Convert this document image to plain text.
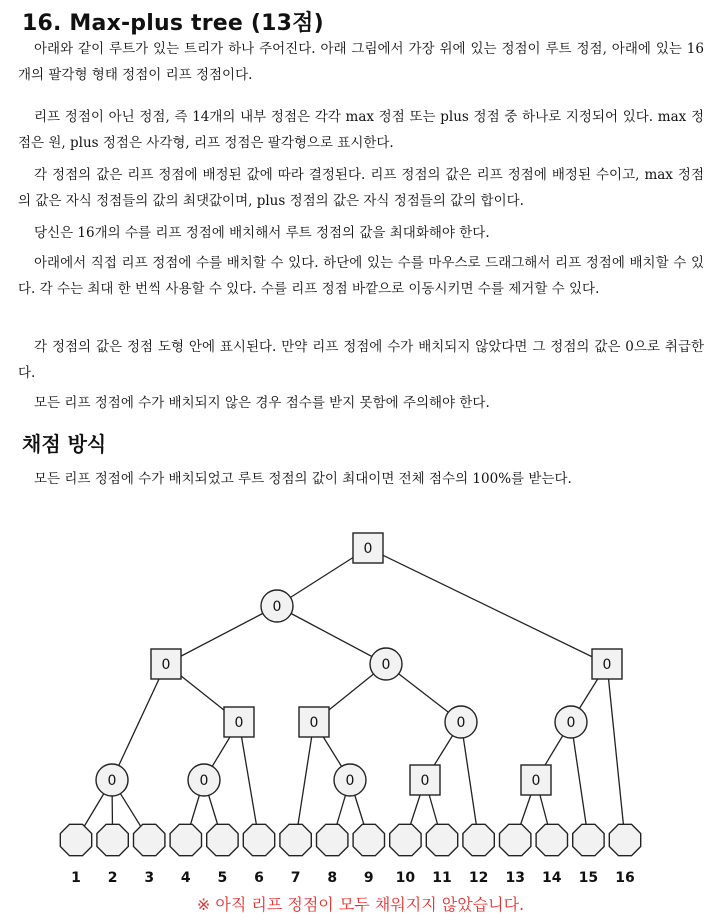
16. Max-plus tree (13점)

아래와 같이 루트가 있는 트리가 하나 주어진다. 아래 그림에서 가장 위에 있는 정점이 루트 정점, 아래에 있는 16개의 팔각형 형태 정점이 리프 정점이다.

리프 정점이 아닌 정점, 즉 14개의 내부 정점은 각각 max 정점 또는 plus 정점 중 하나로 지정되어 있다. max 정점은 원, plus 정점은 사각형, 리프 정점은 팔각형으로 표시한다.

각 정점의 값은 리프 정점에 배정된 값에 따라 결정된다. 리프 정점의 값은 리프 정점에 배정된 수이고, max 정점의 값은 자식 정점들의 값의 최댓값이며, plus 정점의 값은 자식 정점들의 값의 합이다.

당신은 16개의 수를 리프 정점에 배치해서 루트 정점의 값을 최대화해야 한다.

아래에서 직접 리프 정점에 수를 배치할 수 있다. 하단에 있는 수를 마우스로 드래그해서 리프 정점에 배치할 수 있다. 각 수는 최대 한 번씩 사용할 수 있다. 수를 리프 정점 바깥으로 이동시키면 수를 제거할 수 있다.

각 정점의 값은 정점 도형 안에 표시된다. 만약 리프 정점에 수가 배치되지 않았다면 그 정점의 값은 0으로 취급한다.

모든 리프 정점에 수가 배치되지 않은 경우 점수를 받지 못함에 주의해야 한다.

채점 방식

모든 리프 정점에 수가 배치되었고 루트 정점의 값이 최대이면 전체 점수의 100%를 받는다.

0
0
0
0	0
0
0	0	0	0
0	0	0	0
1 2 3 4 5 6 7 8 9 10 11 12 13 14 15 16
※ 아직 리프 정점이 모두 채워지지 않았습니다.
